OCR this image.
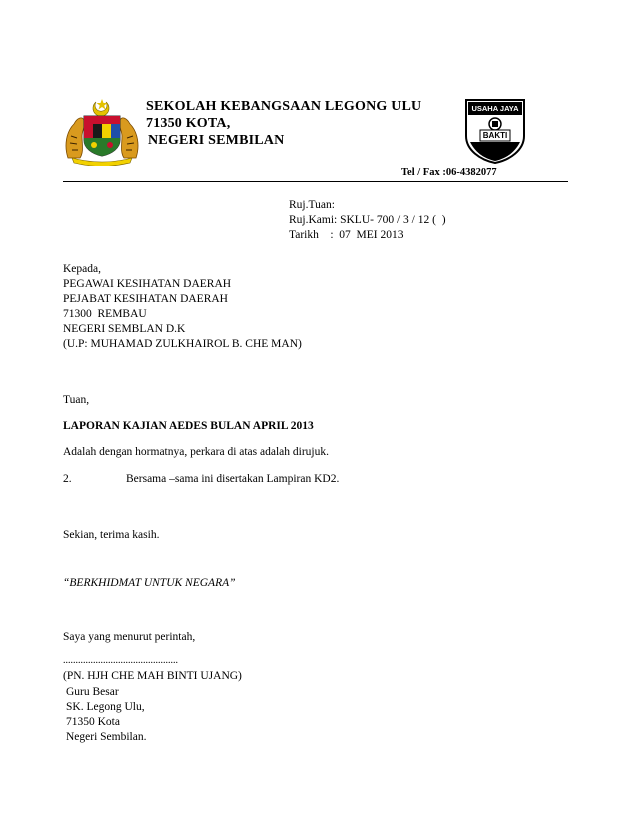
SEKOLAH KEBANGSAAN LEGONG ULU
71350 KOTA,
NEGERI SEMBILAN
USAHA JAYA
BAKTI
Tel / Fax :06-4382077
Ruj.Tuan:
Ruj.Kami: SKLU- 700 / 3 / 12 (  )
Tarikh    :  07  MEI 2013
Kepada,
PEGAWAI KESIHATAN DAERAH
PEJABAT KESIHATAN DAERAH
71300  REMBAU
NEGERI SEMBLAN D.K
(U.P: MUHAMAD ZULKHAIROL B. CHE MAN)
Tuan,
LAPORAN KAJIAN AEDES BULAN APRIL 2013
Adalah dengan hormatnya, perkara di atas adalah dirujuk.
2.	Bersama –sama ini disertakan Lampiran KD2.
Sekian, terima kasih.
“BERKHIDMAT UNTUK NEGARA”
Saya yang menurut perintah,
..............................................
(PN. HJH CHE MAH BINTI UJANG)
Guru Besar
SK. Legong Ulu,
71350 Kota
Negeri Sembilan.
